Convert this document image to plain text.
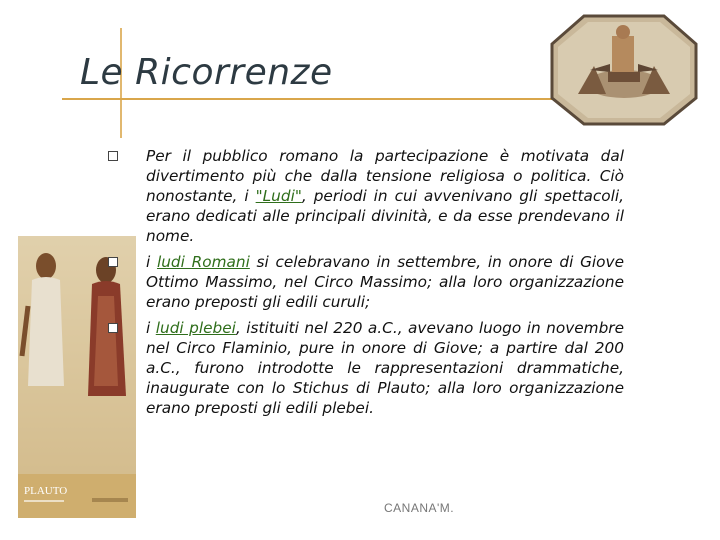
Le Ricorrenze
PLAUTO
Per il pubblico romano la partecipazione è motivata dal divertimento più che dalla tensione religiosa o politica. Ciò nonostante, i "Ludi", periodi in cui avvenivano gli spettacoli, erano dedicati alle principali divinità, e da esse prendevano il nome.
i ludi Romani si celebravano in settembre, in onore di Giove Ottimo Massimo, nel Circo Massimo; alla loro organizzazione erano preposti gli edili curuli;
i ludi plebei, istituiti nel 220 a.C., avevano luogo in novembre nel Circo Flaminio, pure in onore di Giove; a partire dal 200 a.C., furono introdotte le rappresentazioni drammatiche, inaugurate con lo Stichus di Plauto; alla loro organizzazione erano preposti gli edili plebei.
CANANA'M.
